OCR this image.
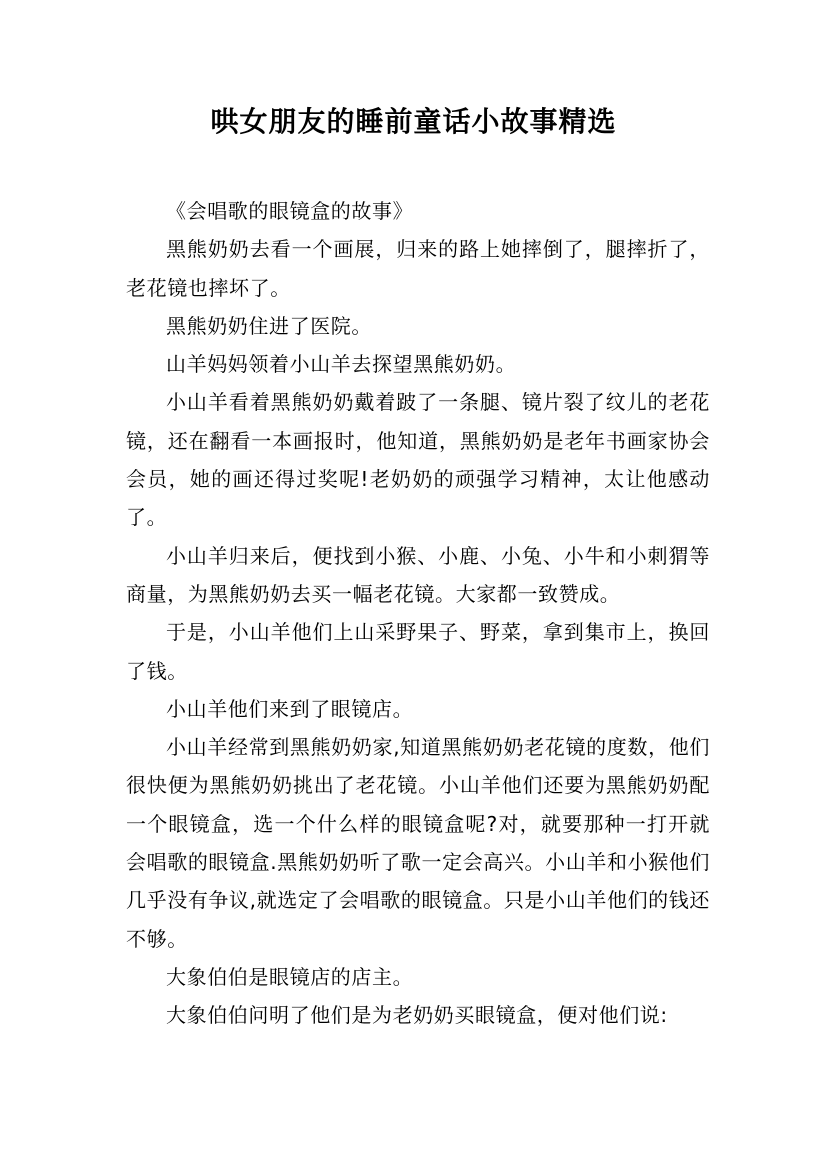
哄女朋友的睡前童话小故事精选

《会唱歌的眼镜盒的故事》

黑熊奶奶去看一个画展，归来的路上她摔倒了，腿摔折了，老花镜也摔坏了。

黑熊奶奶住进了医院。

山羊妈妈领着小山羊去探望黑熊奶奶。

小山羊看着黑熊奶奶戴着跛了一条腿、镜片裂了纹儿的老花镜，还在翻看一本画报时，他知道，黑熊奶奶是老年书画家协会会员，她的画还得过奖呢!老奶奶的顽强学习精神，太让他感动了。

小山羊归来后，便找到小猴、小鹿、小兔、小牛和小刺猬等商量，为黑熊奶奶去买一幅老花镜。大家都一致赞成。

于是，小山羊他们上山采野果子、野菜，拿到集市上，换回了钱。

小山羊他们来到了眼镜店。

小山羊经常到黑熊奶奶家,知道黑熊奶奶老花镜的度数，他们很快便为黑熊奶奶挑出了老花镜。小山羊他们还要为黑熊奶奶配一个眼镜盒，选一个什么样的眼镜盒呢?对，就要那种一打开就会唱歌的眼镜盒.黑熊奶奶听了歌一定会高兴。小山羊和小猴他们几乎没有争议,就选定了会唱歌的眼镜盒。只是小山羊他们的钱还不够。

大象伯伯是眼镜店的店主。

大象伯伯问明了他们是为老奶奶买眼镜盒，便对他们说:
